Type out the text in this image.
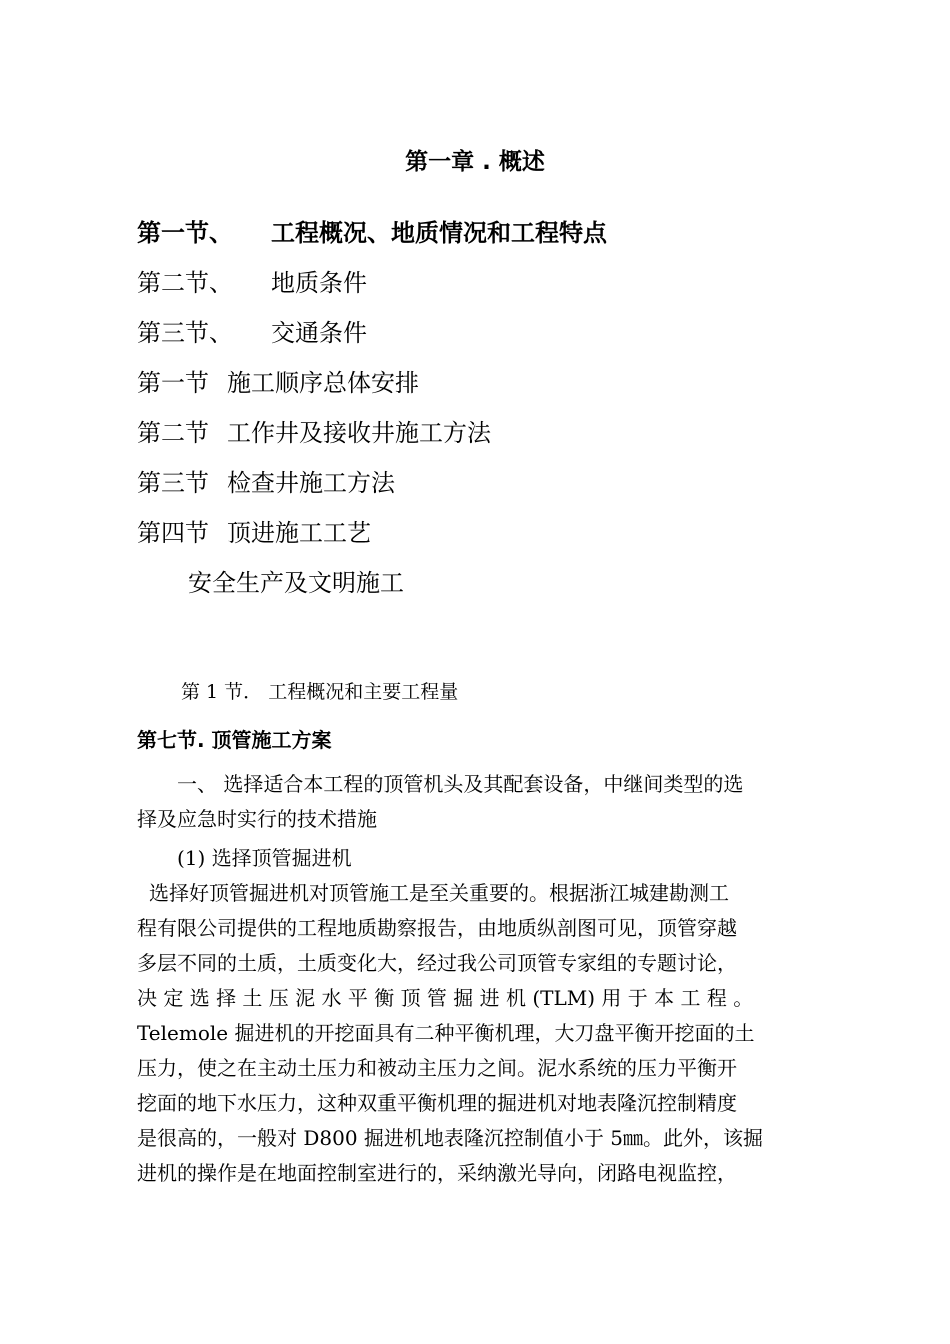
第一章 . 概述
第一节、 工程概况、地质情况和工程特点
第二节、 地质条件
第三节、 交通条件
第一节 施工顺序总体安排
第二节 工作井及接收井施工方法
第三节 检查井施工方法
第四节 顶进施工工艺
安全生产及文明施工
第 1 节． 工程概况和主要工程量
第七节. 顶管施工方案
一、 选择适合本工程的顶管机头及其配套设备，中继间类型的选
择及应急时实行的技术措施
(1) 选择顶管掘进机
选择好顶管掘进机对顶管施工是至关重要的。根据浙江城建勘测工
程有限公司提供的工程地质勘察报告，由地质纵剖图可见，顶管穿越
多层不同的土质，土质变化大，经过我公司顶管专家组的专题讨论，
决 定 选 择 土 压 泥 水 平 衡 顶 管 掘 进 机 (TLM) 用 于 本 工 程 。
Telemole 掘进机的开挖面具有二种平衡机理，大刀盘平衡开挖面的土
压力，使之在主动土压力和被动主压力之间。泥水系统的压力平衡开
挖面的地下水压力，这种双重平衡机理的掘进机对地表隆沉控制精度
是很高的，一般对 D800 掘进机地表隆沉控制值小于 5㎜。此外，该掘
进机的操作是在地面控制室进行的，采纳激光导向，闭路电视监控，
